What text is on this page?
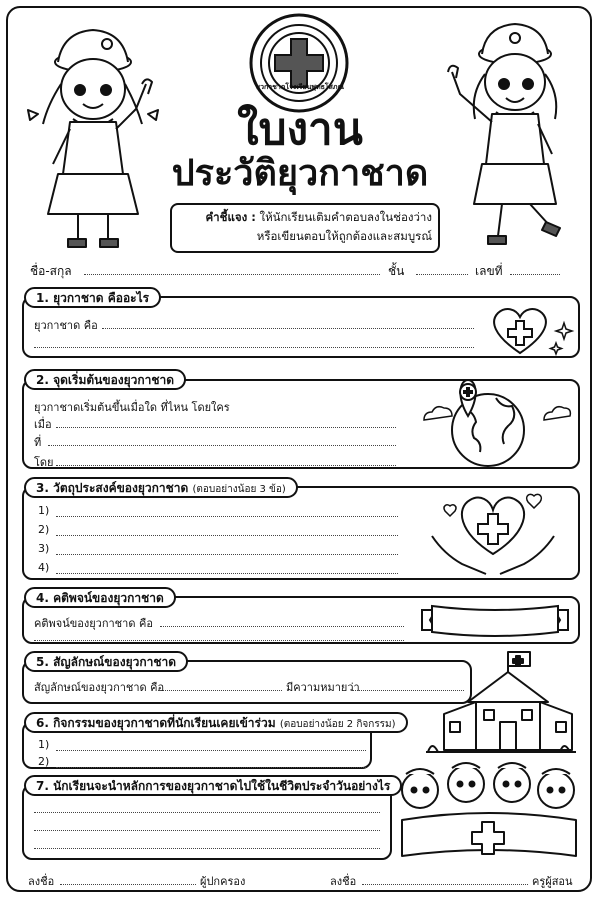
ยุวกาชาดโรงเรียนพุทธโสภณ
ใบงาน
ประวัติยุวกาชาด
คำชี้แจง : ให้นักเรียนเติมคำตอบลงในช่องว่าง
หรือเขียนตอบให้ถูกต้องและสมบูรณ์
ชื่อ-สกุล	ชั้น	เลขที่
1. ยุวกาชาด คืออะไร
ยุวกาชาด คือ
2. จุดเริ่มต้นของยุวกาชาด
ยุวกาชาดเริ่มต้นขึ้นเมื่อใด ที่ไหน โดยใคร
เมื่อ
ที่
โดย
3. วัตถุประสงค์ของยุวกาชาด (ตอบอย่างน้อย 3 ข้อ)
1)
2)
3)
4)
4. คติพจน์ของยุวกาชาด
คติพจน์ของยุวกาชาด คือ
5. สัญลักษณ์ของยุวกาชาด
สัญลักษณ์ของยุวกาชาด คือ	มีความหมายว่า
6. กิจกรรมของยุวกาชาดที่นักเรียนเคยเข้าร่วม (ตอบอย่างน้อย 2 กิจกรรม)
1)
2)
7. นักเรียนจะนำหลักการของยุวกาชาดไปใช้ในชีวิตประจำวันอย่างไร
ลงชื่อ	ผู้ปกครอง	ลงชื่อ	ครูผู้สอน
